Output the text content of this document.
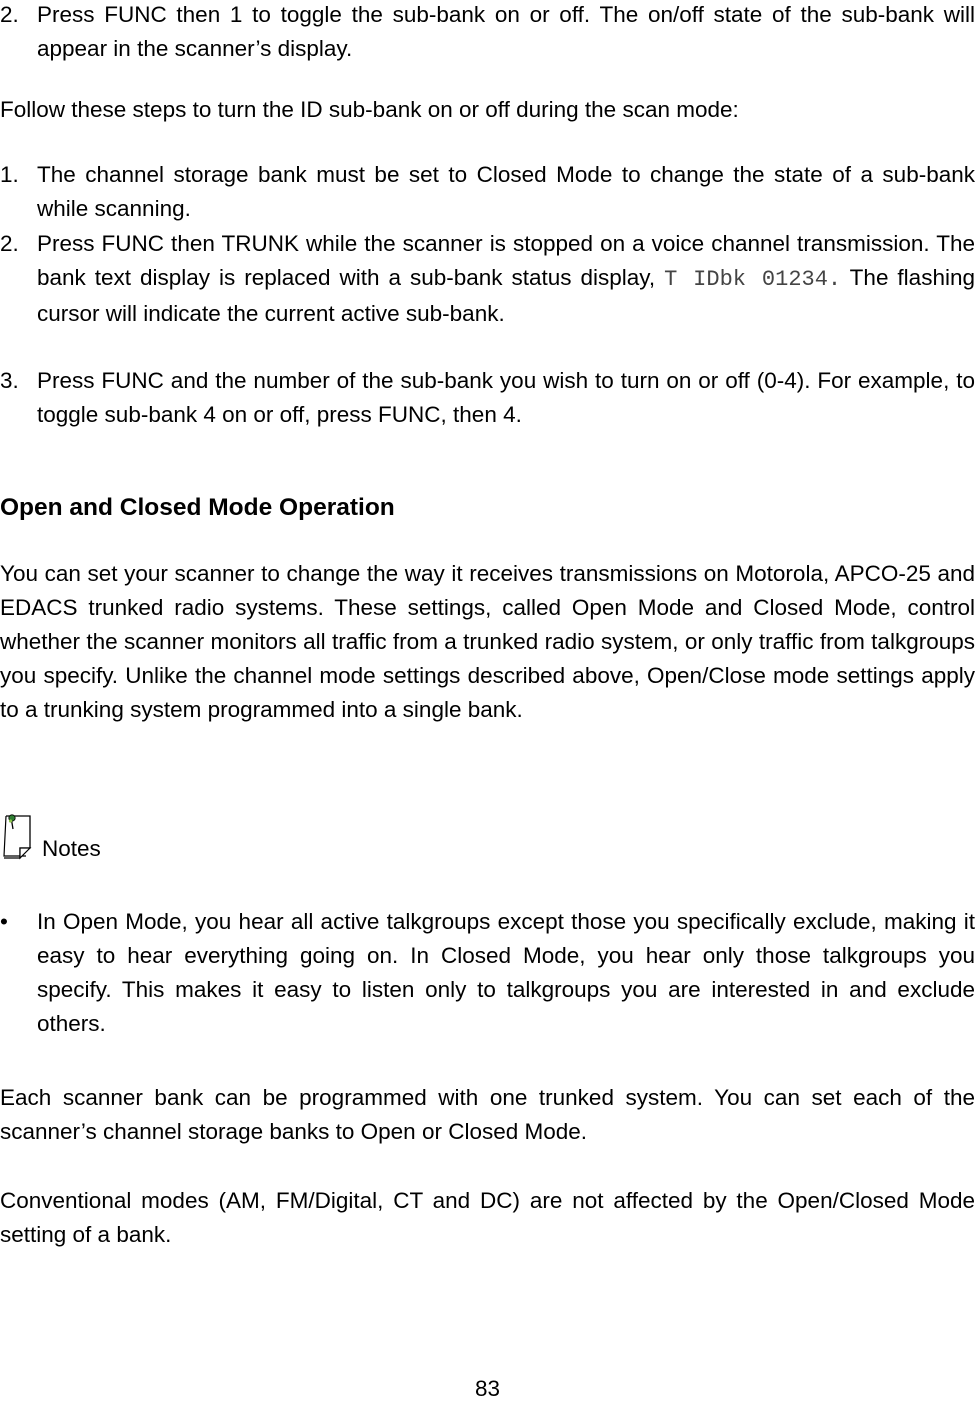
2. Press FUNC then 1 to toggle the sub-bank on or off. The on/off state of the sub-bank will appear in the scanner’s display.
Follow these steps to turn the ID sub-bank on or off during the scan mode:
1. The channel storage bank must be set to Closed Mode to change the state of a sub-bank while scanning.
2. Press FUNC then TRUNK while the scanner is stopped on a voice channel transmission. The bank text display is replaced with a sub-bank status display, T IDbk 01234. The flashing cursor will indicate the current active sub-bank.
3. Press FUNC and the number of the sub-bank you wish to turn on or off (0-4). For example, to toggle sub-bank 4 on or off, press FUNC, then 4.
Open and Closed Mode Operation
You can set your scanner to change the way it receives transmissions on Motorola, APCO-25 and EDACS trunked radio systems. These settings, called Open Mode and Closed Mode, control whether the scanner monitors all traffic from a trunked radio system, or only traffic from talkgroups you specify. Unlike the channel mode settings described above, Open/Close mode settings apply to a trunking system programmed into a single bank.
Notes
• In Open Mode, you hear all active talkgroups except those you specifically exclude, making it easy to hear everything going on. In Closed Mode, you hear only those talkgroups you specify. This makes it easy to listen only to talkgroups you are interested in and exclude others.
Each scanner bank can be programmed with one trunked system. You can set each of the scanner’s channel storage banks to Open or Closed Mode.
Conventional modes (AM, FM/Digital, CT and DC) are not affected by the Open/Closed Mode setting of a bank.
83
